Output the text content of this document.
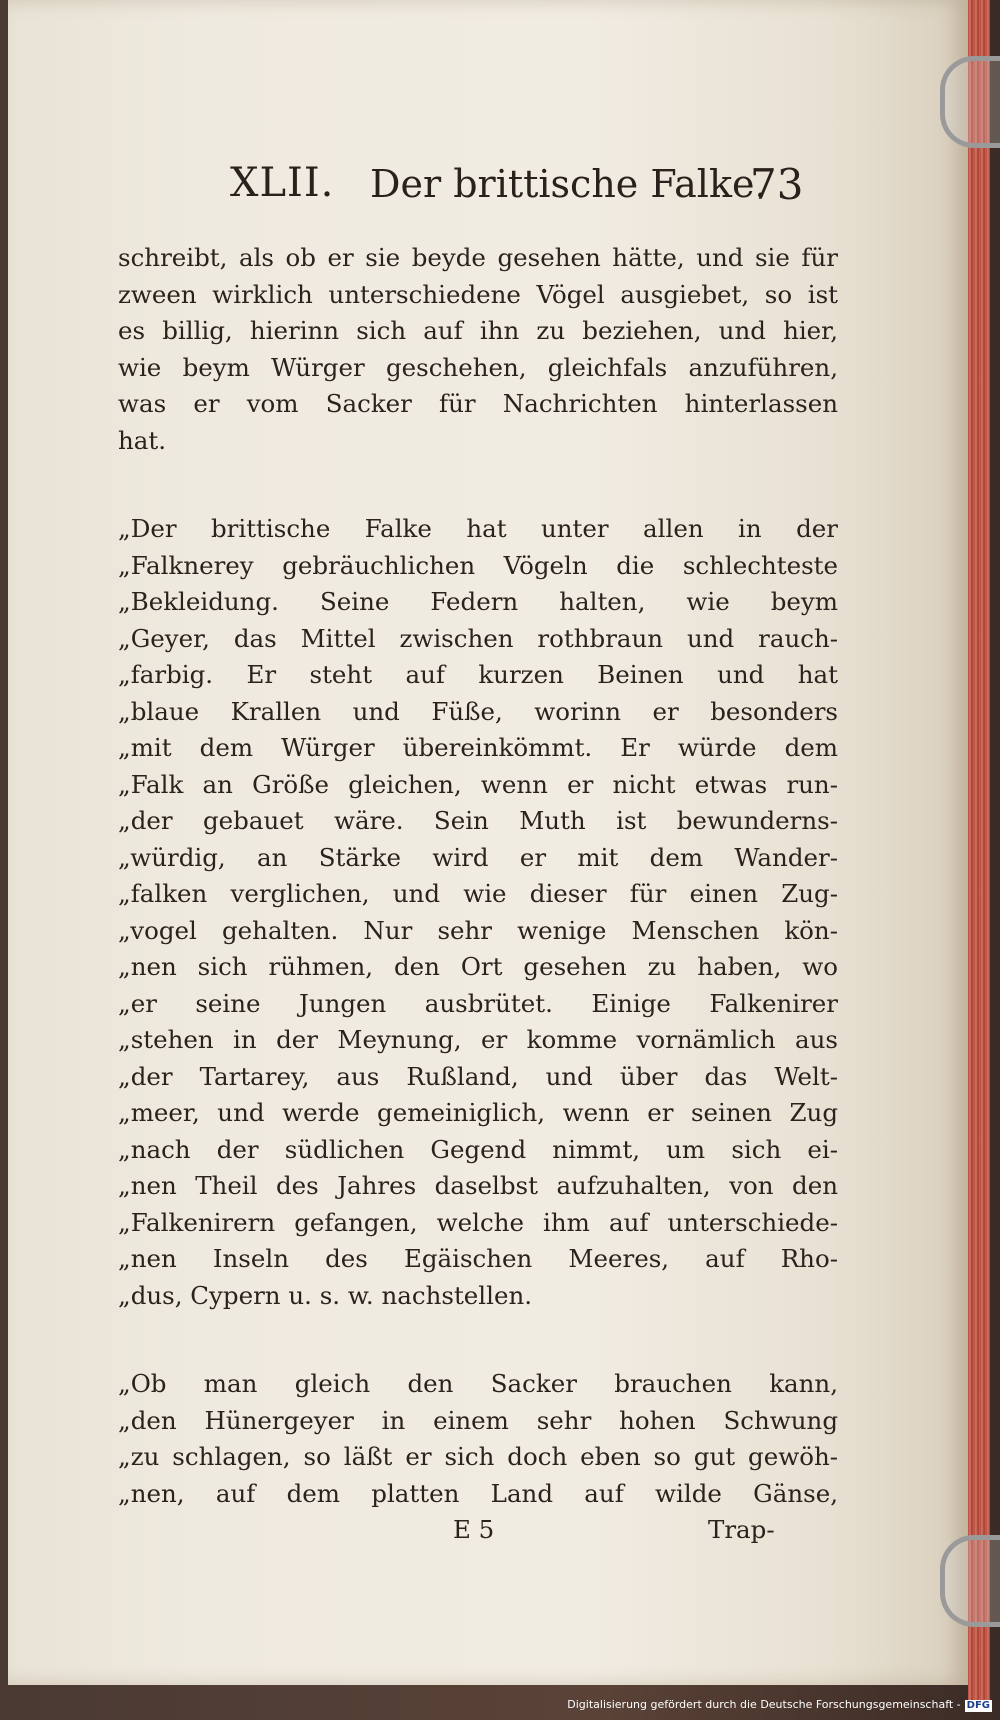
XLII. Der brittische Falke.
73
schreibt, als ob er sie beyde gesehen hätte, und sie für
zween wirklich unterschiedene Vögel ausgiebet, so ist
es billig, hierinn sich auf ihn zu beziehen, und hier,
wie beym Würger geschehen, gleichfals anzuführen,
was er vom Sacker für Nachrichten hinterlassen
hat.
„Der brittische Falke hat unter allen in der
„Falknerey gebräuchlichen Vögeln die schlechteste
„Bekleidung. Seine Federn halten, wie beym
„Geyer, das Mittel zwischen rothbraun und rauch-
„farbig. Er steht auf kurzen Beinen und hat
„blaue Krallen und Füße, worinn er besonders
„mit dem Würger übereinkömmt. Er würde dem
„Falk an Größe gleichen, wenn er nicht etwas run-
„der gebauet wäre. Sein Muth ist bewunderns-
„würdig, an Stärke wird er mit dem Wander-
„falken verglichen, und wie dieser für einen Zug-
„vogel gehalten. Nur sehr wenige Menschen kön-
„nen sich rühmen, den Ort gesehen zu haben, wo
„er seine Jungen ausbrütet. Einige Falkenirer
„stehen in der Meynung, er komme vornämlich aus
„der Tartarey, aus Rußland, und über das Welt-
„meer, und werde gemeiniglich, wenn er seinen Zug
„nach der südlichen Gegend nimmt, um sich ei-
„nen Theil des Jahres daselbst aufzuhalten, von den
„Falkenirern gefangen, welche ihm auf unterschiede-
„nen Inseln des Egäischen Meeres, auf Rho-
„dus, Cypern u. s. w. nachstellen.
„Ob man gleich den Sacker brauchen kann,
„den Hünergeyer in einem sehr hohen Schwung
„zu schlagen, so läßt er sich doch eben so gut gewöh-
„nen, auf dem platten Land auf wilde Gänse,
E 5	Trap-
Digitalisierung gefördert durch die Deutsche Forschungsgemeinschaft - DFG
